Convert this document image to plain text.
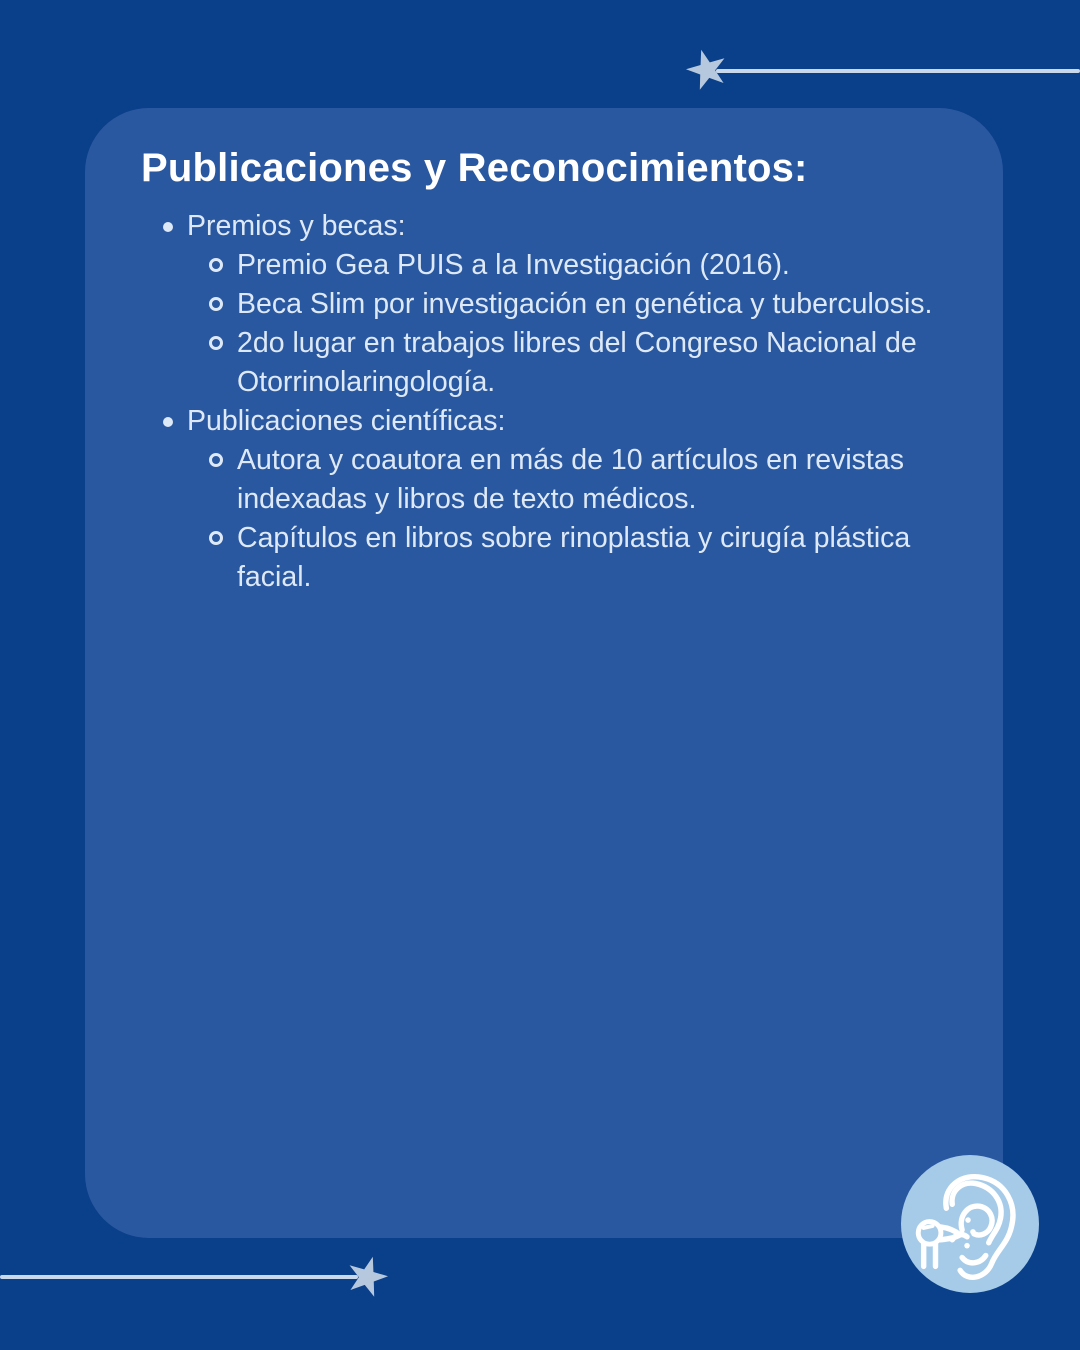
Publicaciones y Reconocimientos:
Premios y becas:
Premio Gea PUIS a la Investigación (2016).
Beca Slim por investigación en genética y tuberculosis.
2do lugar en trabajos libres del Congreso Nacional de Otorrinolaringología.
Publicaciones científicas:
Autora y coautora en más de 10 artículos en revistas indexadas y libros de texto médicos.
Capítulos en libros sobre rinoplastia y cirugía plástica facial.
